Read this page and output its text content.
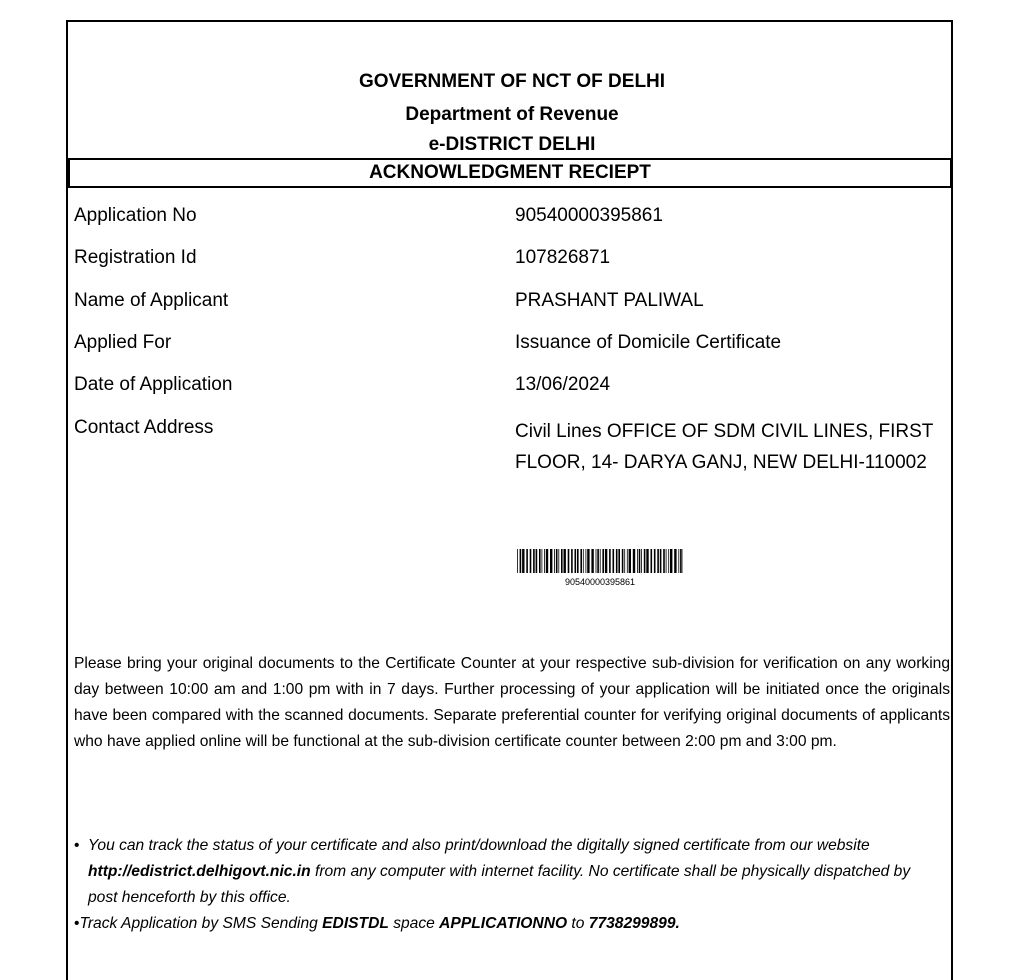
GOVERNMENT OF NCT OF DELHI
Department of Revenue
e-DISTRICT DELHI
ACKNOWLEDGMENT RECIEPT
Application No	90540000395861
Registration Id	107826871
Name of Applicant	PRASHANT PALIWAL
Applied For	Issuance of Domicile Certificate
Date of Application	13/06/2024
Contact Address	Civil Lines OFFICE OF SDM CIVIL LINES, FIRST FLOOR, 14- DARYA GANJ, NEW DELHI-110002
90540000395861
Please bring your original documents to the Certificate Counter at your respective sub-division for verification on any working day between 10:00 am and 1:00 pm with in 7 days. Further processing of your application will be initiated once the originals have been compared with the scanned documents. Separate preferential counter for verifying original documents of applicants who have applied online will be functional at the sub-division certificate counter between 2:00 pm and 3:00 pm.
• You can track the status of your certificate and also print/download the digitally signed certificate from our website http://edistrict.delhigovt.nic.in from any computer with internet facility. No certificate shall be physically dispatched by post henceforth by this office.
•Track Application by SMS Sending EDISTDL space APPLICATIONNO to 7738299899.
